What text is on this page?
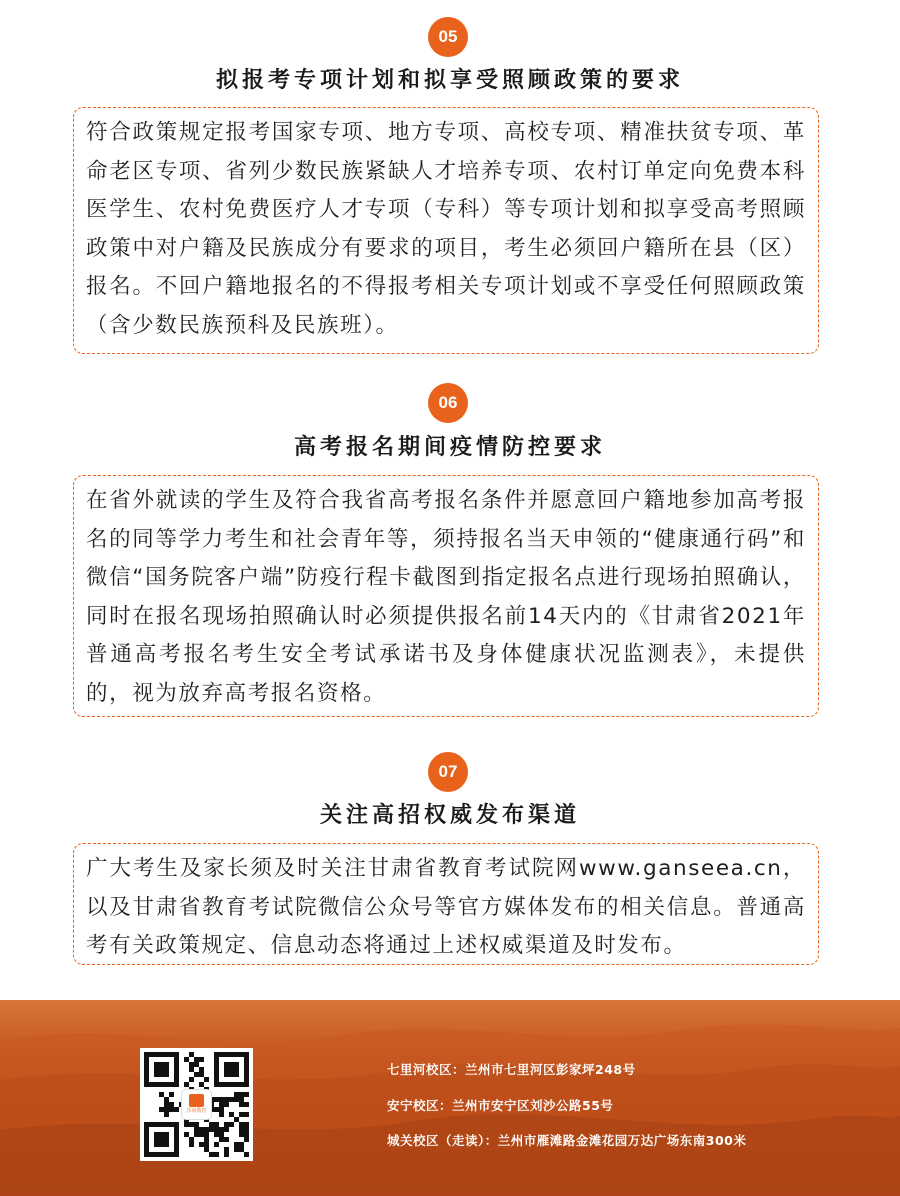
05
拟报考专项计划和拟享受照顾政策的要求

符合政策规定报考国家专项、地方专项、高校专项、精准扶贫专项、革命老区专项、省列少数民族紧缺人才培养专项、农村订单定向免费本科医学生、农村免费医疗人才专项（专科）等专项计划和拟享受高考照顾政策中对户籍及民族成分有要求的项目，考生必须回户籍所在县（区）报名。不回户籍地报名的不得报考相关专项计划或不享受任何照顾政策（含少数民族预科及民族班）。

06
高考报名期间疫情防控要求

在省外就读的学生及符合我省高考报名条件并愿意回户籍地参加高考报名的同等学力考生和社会青年等，须持报名当天申领的“健康通行码”和微信“国务院客户端”防疫行程卡截图到指定报名点进行现场拍照确认，同时在报名现场拍照确认时必须提供报名前14天内的《甘肃省2021年普通高考报名考生安全考试承诺书及身体健康状况监测表》，未提供的，视为放弃高考报名资格。

07
关注高招权威发布渠道

广大考生及家长须及时关注甘肃省教育考试院网www.ganseea.cn，以及甘肃省教育考试院微信公众号等官方媒体发布的相关信息。普通高考有关政策规定、信息动态将通过上述权威渠道及时发布。

乐尚教育
七里河校区：兰州市七里河区彭家坪248号
安宁校区：兰州市安宁区刘沙公路55号
城关校区（走读）：兰州市雁滩路金滩花园万达广场东南300米
